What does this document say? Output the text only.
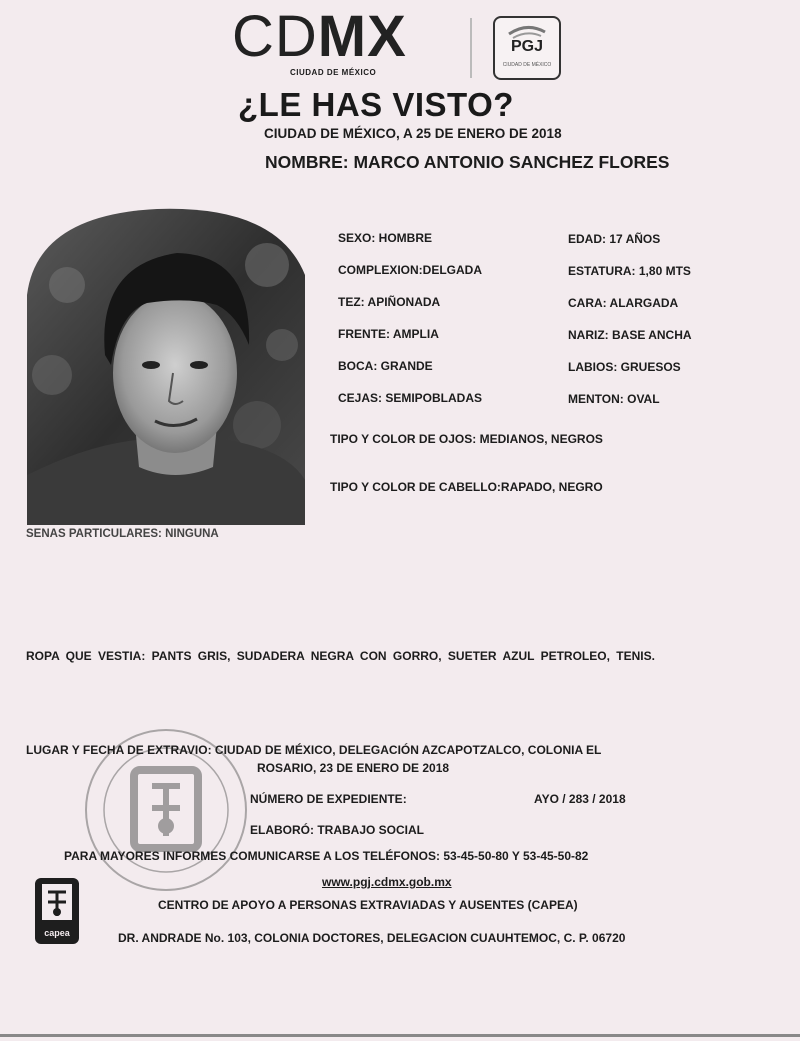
CDMX
CIUDAD DE MÉXICO
PGJ
CIUDAD DE MÉXICO
¿LE HAS VISTO?
CIUDAD DE MÉXICO, A 25 DE ENERO DE 2018
NOMBRE: MARCO ANTONIO SANCHEZ FLORES
SEXO: HOMBRE	EDAD: 17 AÑOS
COMPLEXION:DELGADA	ESTATURA: 1,80 MTS
TEZ: APIÑONADA	CARA: ALARGADA
FRENTE: AMPLIA	NARIZ: BASE ANCHA
BOCA: GRANDE	LABIOS: GRUESOS
CEJAS: SEMIPOBLADAS	MENTON: OVAL
TIPO Y COLOR DE OJOS: MEDIANOS, NEGROS
TIPO Y COLOR DE CABELLO:RAPADO, NEGRO
SENAS PARTICULARES: NINGUNA
ROPA QUE VESTIA: PANTS GRIS, SUDADERA NEGRA CON GORRO, SUETER AZUL PETROLEO, TENIS.
LUGAR Y FECHA DE EXTRAVIO: CIUDAD DE MÉXICO, DELEGACIÓN AZCAPOTZALCO, COLONIA EL
ROSARIO, 23 DE ENERO DE 2018
NÚMERO DE EXPEDIENTE:	AYO / 283 / 2018
ELABORÓ: TRABAJO SOCIAL
PARA MAYORES INFORMES COMUNICARSE A LOS TELÉFONOS: 53-45-50-80 Y 53-45-50-82
www.pgj.cdmx.gob.mx
CENTRO DE APOYO A PERSONAS EXTRAVIADAS Y AUSENTES (CAPEA)
DR. ANDRADE No. 103, COLONIA DOCTORES, DELEGACION CUAUHTEMOC, C. P. 06720
capea
